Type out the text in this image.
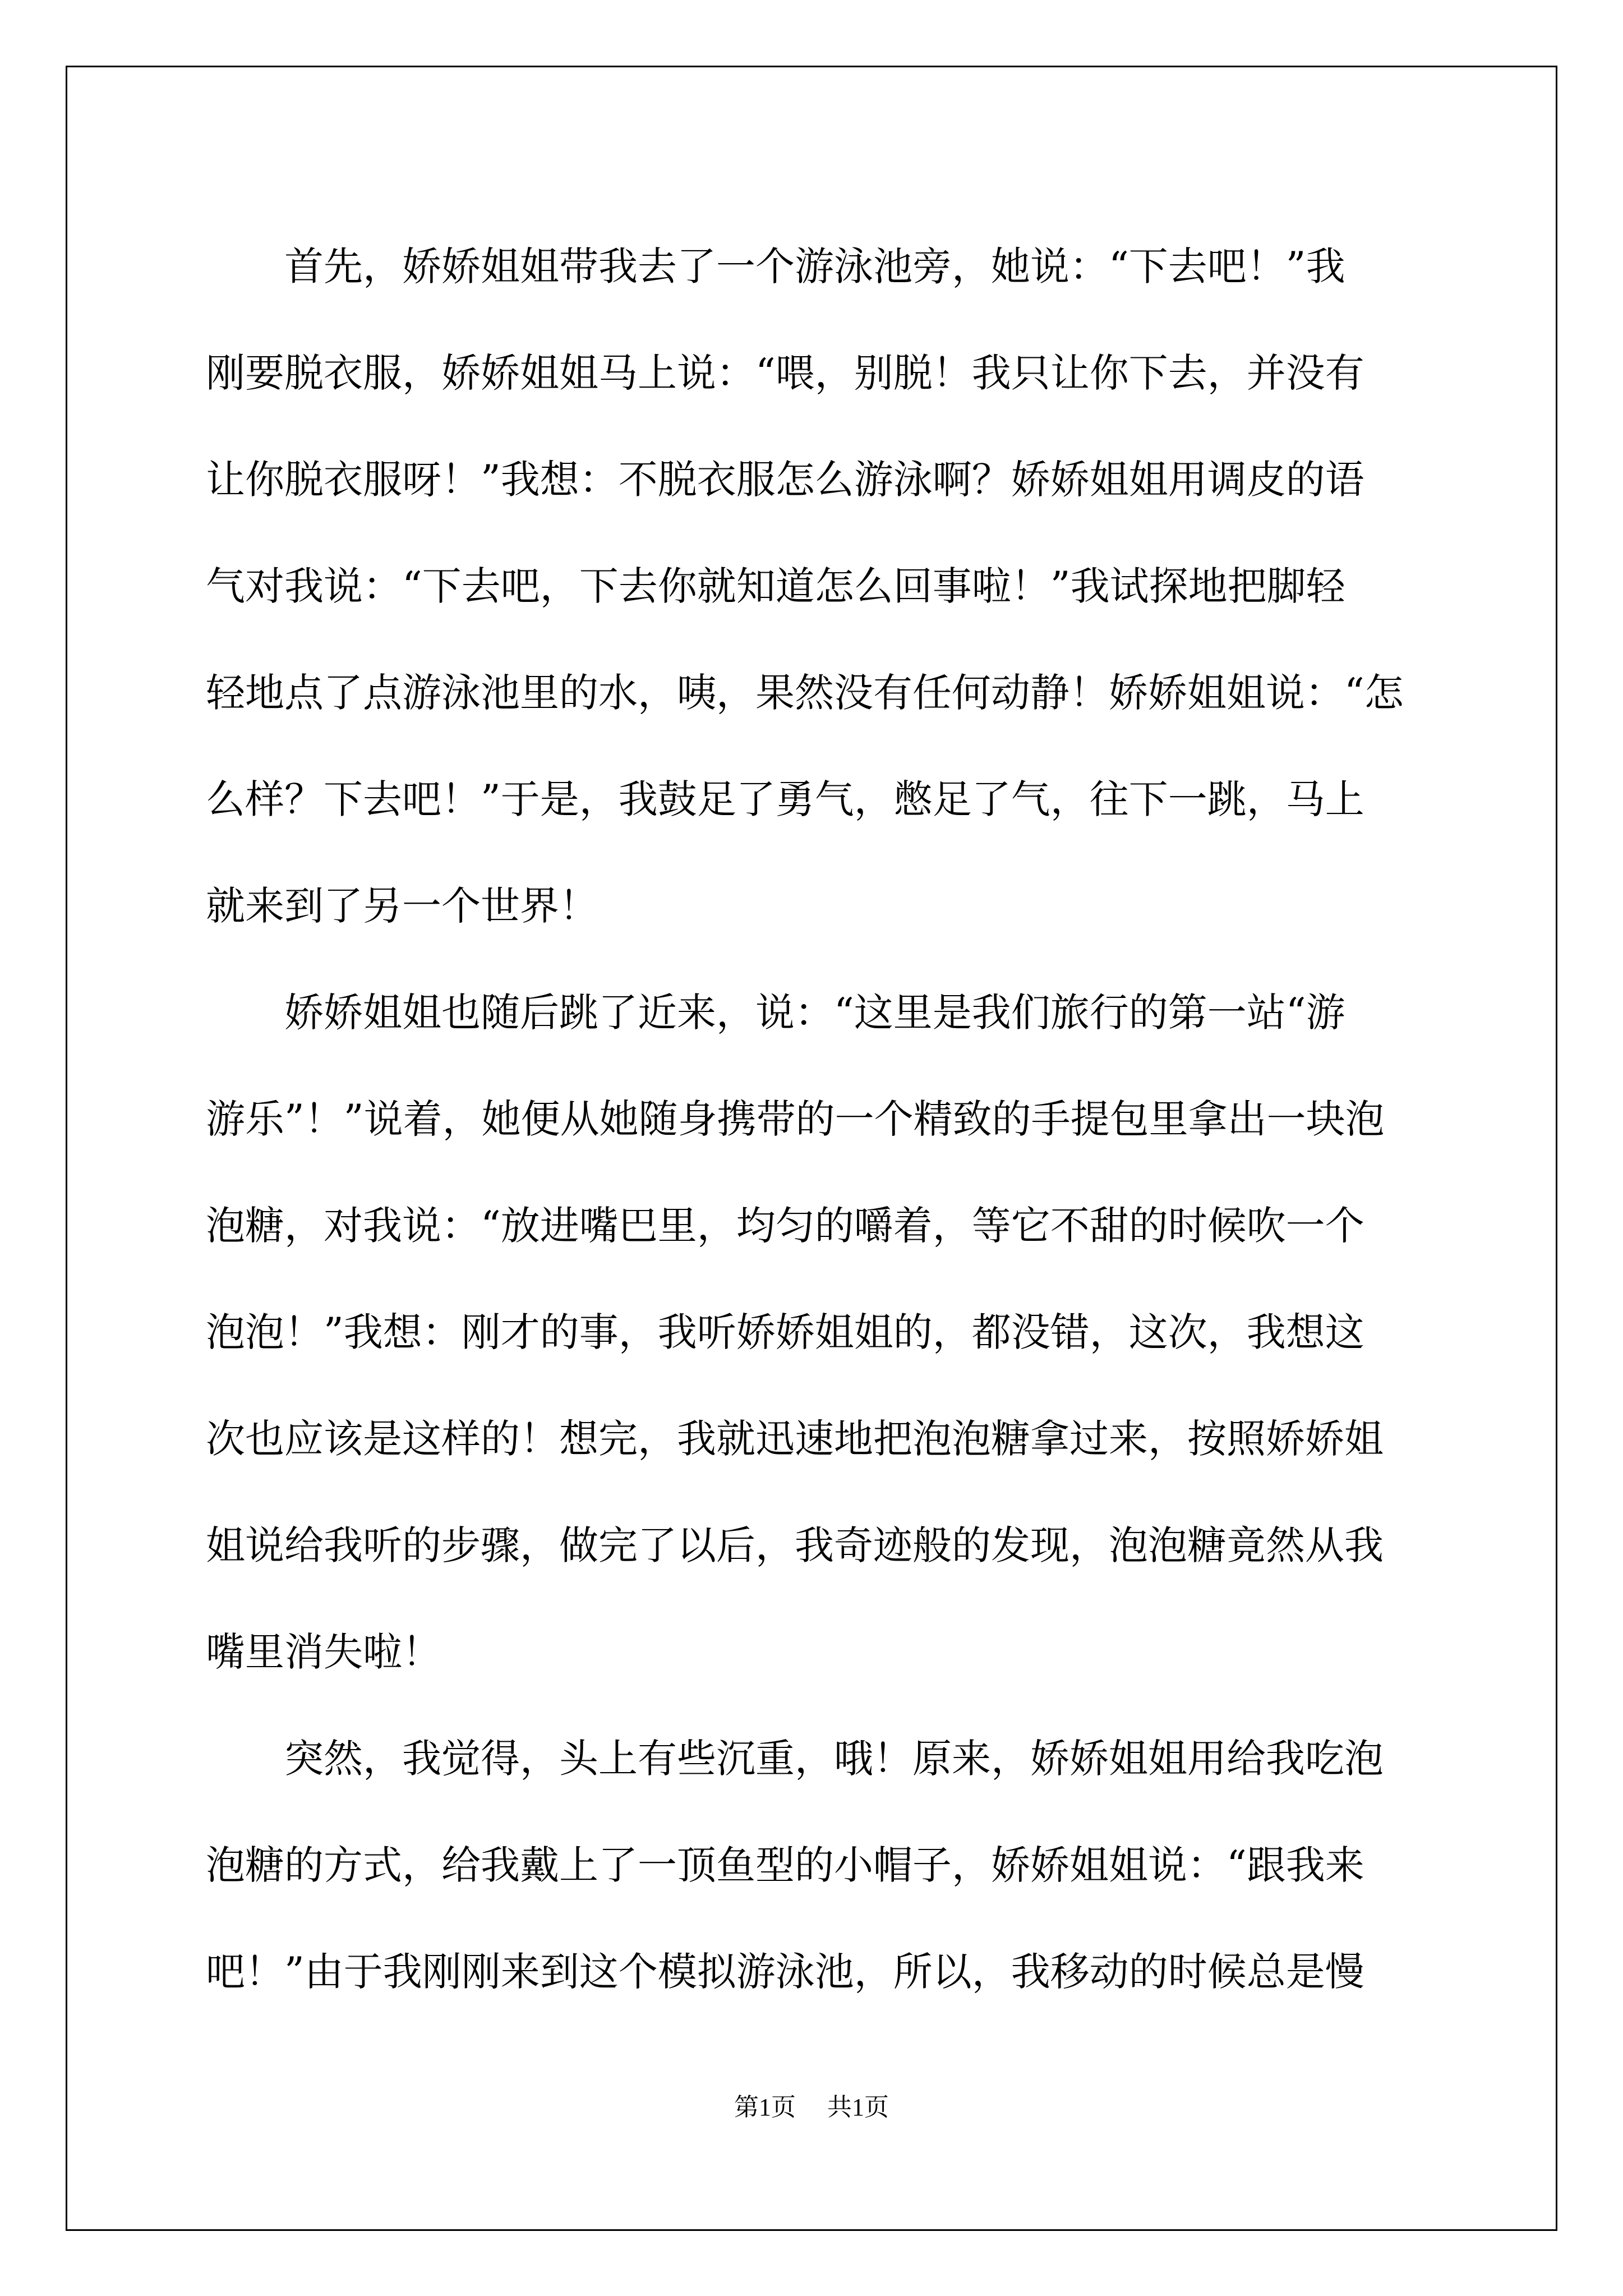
首先，娇娇姐姐带我去了一个游泳池旁，她说：“下去吧！”我
刚要脱衣服，娇娇姐姐马上说：“喂，别脱！我只让你下去，并没有
让你脱衣服呀！”我想：不脱衣服怎么游泳啊？娇娇姐姐用调皮的语
气对我说：“下去吧，下去你就知道怎么回事啦！”我试探地把脚轻
轻地点了点游泳池里的水，咦，果然没有任何动静！娇娇姐姐说：“怎
么样？下去吧！”于是，我鼓足了勇气，憋足了气，往下一跳，马上
就来到了另一个世界！
娇娇姐姐也随后跳了近来，说：“这里是我们旅行的第一站“游
游乐”！”说着，她便从她随身携带的一个精致的手提包里拿出一块泡
泡糖，对我说：“放进嘴巴里，均匀的嚼着，等它不甜的时候吹一个
泡泡！”我想：刚才的事，我听娇娇姐姐的，都没错，这次，我想这
次也应该是这样的！想完，我就迅速地把泡泡糖拿过来，按照娇娇姐
姐说给我听的步骤，做完了以后，我奇迹般的发现，泡泡糖竟然从我
嘴里消失啦！
突然，我觉得，头上有些沉重，哦！原来，娇娇姐姐用给我吃泡
泡糖的方式，给我戴上了一顶鱼型的小帽子，娇娇姐姐说：“跟我来
吧！”由于我刚刚来到这个模拟游泳池，所以，我移动的时候总是慢
第1页 共1页
